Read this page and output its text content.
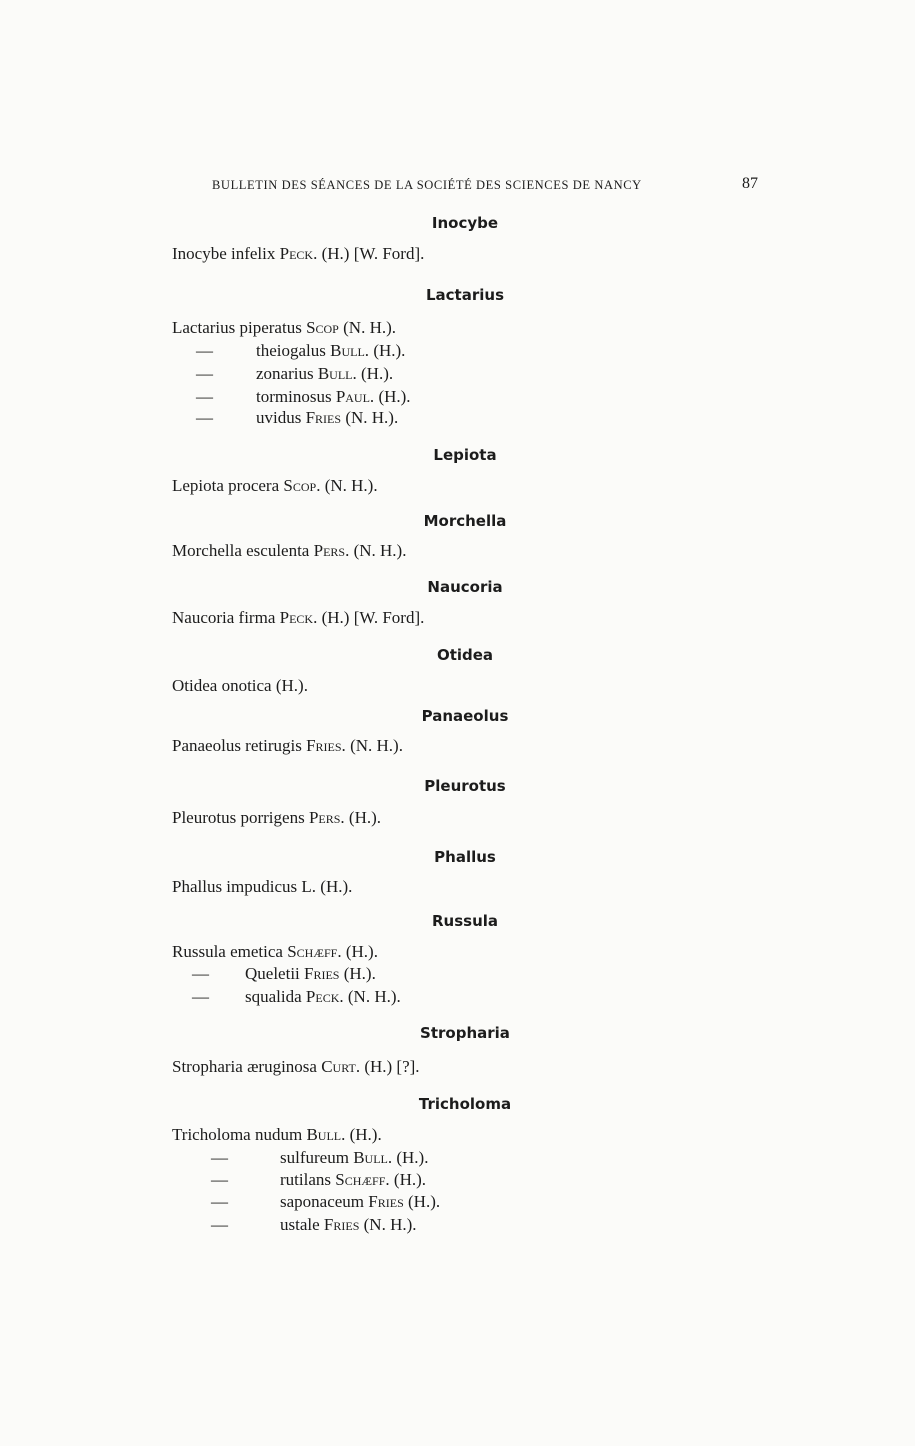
BULLETIN DES SÉANCES DE LA SOCIÉTÉ DES SCIENCES DE NANCY	87
Inocybe
Inocybe infelix Peck. (H.) [W. Ford].
Lactarius
Lactarius piperatus Scop (N. H.).
—	theiogalus Bull. (H.).
—	zonarius Bull. (H.).
—	torminosus Paul. (H.).
—	uvidus Fries (N. H.).
Lepiota
Lepiota procera Scop. (N. H.).
Morchella
Morchella esculenta Pers. (N. H.).
Naucoria
Naucoria firma Peck. (H.) [W. Ford].
Otidea
Otidea onotica (H.).
Panaeolus
Panaeolus retirugis Fries. (N. H.).
Pleurotus
Pleurotus porrigens Pers. (H.).
Phallus
Phallus impudicus L. (H.).
Russula
Russula emetica Schæff. (H.).
— Queletii Fries (H.).
— squalida Peck. (N. H.).
Stropharia
Stropharia æruginosa Curt. (H.) [?].
Tricholoma
Tricholoma nudum Bull. (H.).
—	sulfureum Bull. (H.).
—	rutilans Schæff. (H.).
—	saponaceum Fries (H.).
—	ustale Fries (N. H.).
